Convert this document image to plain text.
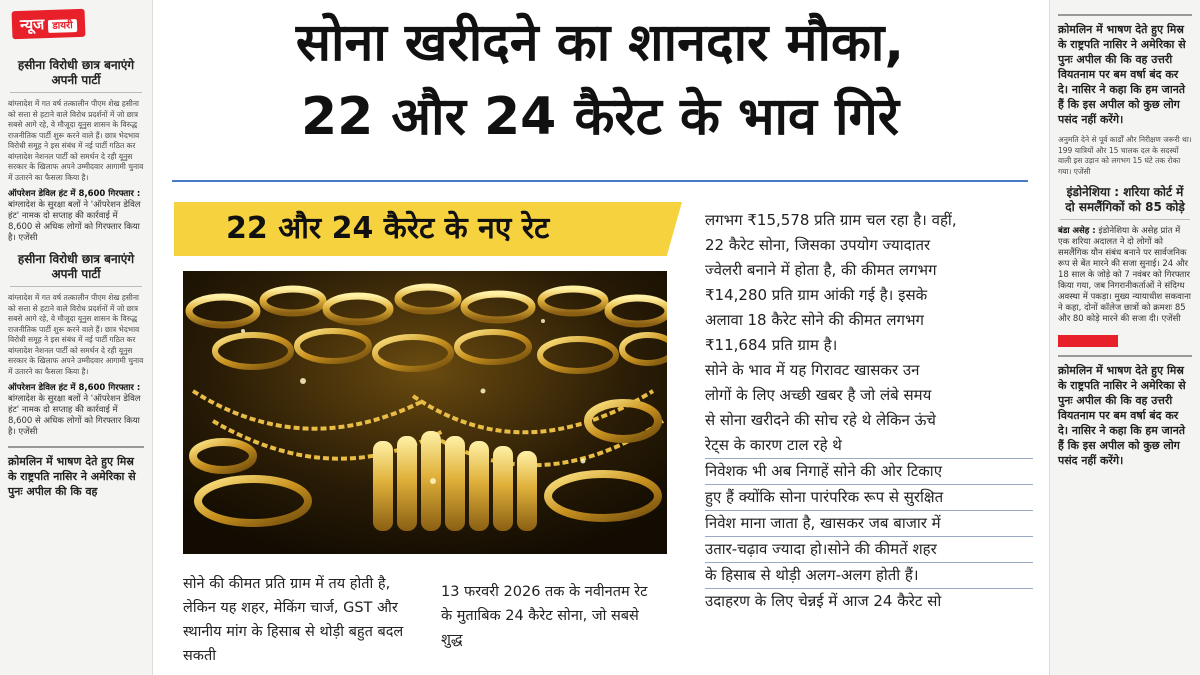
न्यूज डायरी
हसीना विरोधी छात्र बनाएंगे अपनी पार्टी

बांग्लादेश में गत वर्ष तत्कालीन पीएम शेख हसीना को सत्ता से हटाने वाले विरोध प्रदर्शनों में जो छात्र सबसे आगे रहे, वे मौजूदा यूनुस शासन के विरुद्ध राजनीतिक पार्टी शुरू करने वाले हैं। छात्र भेदभाव विरोधी समूह ने इस संबंध में नई पार्टी गठित कर बांग्लादेश नेशनल पार्टी को समर्थन दे रही यूनुस सरकार के खिलाफ अपने उम्मीदवार आगामी चुनाव में उतारने का फैसला किया है।

ऑपरेशन डेविल हंट में 8,600 गिरफ्तार : बांग्लादेश के सुरक्षा बलों ने 'ऑपरेशन डेविल हंट' नामक दो सप्ताह की कार्रवाई में 8,600 से अधिक लोगों को गिरफ्तार किया है। एजेंसी

हसीना विरोधी छात्र बनाएंगे अपनी पार्टी

बांग्लादेश में गत वर्ष तत्कालीन पीएम शेख हसीना को सत्ता से हटाने वाले विरोध प्रदर्शनों में जो छात्र सबसे आगे रहे, वे मौजूदा यूनुस शासन के विरुद्ध राजनीतिक पार्टी शुरू करने वाले हैं। छात्र भेदभाव विरोधी समूह ने इस संबंध में नई पार्टी गठित कर बांग्लादेश नेशनल पार्टी को समर्थन दे रही यूनुस सरकार के खिलाफ अपने उम्मीदवार आगामी चुनाव में उतारने का फैसला किया है।

ऑपरेशन डेविल हंट में 8,600 गिरफ्तार : बांग्लादेश के सुरक्षा बलों ने 'ऑपरेशन डेविल हंट' नामक दो सप्ताह की कार्रवाई में 8,600 से अधिक लोगों को गिरफ्तार किया है। एजेंसी

क्रोमलिन में भाषण देते हुए मिस्र के राष्ट्रपति नासिर ने अमेरिका से पुनः अपील की कि वह
क्रोमलिन में भाषण देते हुए मिस्र के राष्ट्रपति नासिर ने अमेरिका से पुनः अपील की कि वह उत्तरी वियतनाम पर बम वर्षा बंद कर दे। नासिर ने कहा कि हम जानते हैं कि इस अपील को कुछ लोग पसंद नहीं करेंगे।

अनुमति देने से पूर्व कार्डों और निरीक्षण जरूरी था। 199 यात्रियों और 15 चालक दल के सदस्यों वाली इस उड़ान को लगभग 15 घंटे तक रोका गया। एजेंसी

इंडोनेशिया : शरिया कोर्ट में दो समलैंगिकों को 85 कोड़े

बंडा असेह : इंडोनेशिया के असेह प्रांत में एक शरिया अदालत ने दो लोगों को समलैंगिक यौन संबंध बनाने पर सार्वजनिक रूप से बेंत मारने की सजा सुनाई। 24 और 18 साल के जोड़े को 7 नवंबर को गिरफ्तार किया गया, जब निगरानीकर्ताओं ने संदिग्ध अवस्था में पकड़ा। मुख्य न्यायाधीश सकवाना ने कहा, दोनों कॉलेज छात्रों को क्रमशः 85 और 80 कोड़े मारने की सजा दी। एजेंसी

क्रोमलिन में भाषण देते हुए मिस्र के राष्ट्रपति नासिर ने अमेरिका से पुनः अपील की कि वह उत्तरी वियतनाम पर बम वर्षा बंद कर दे। नासिर ने कहा कि हम जानते हैं कि इस अपील को कुछ लोग पसंद नहीं करेंगे।
सोना खरीदने का शानदार मौका,
22 और 24 कैरेट के भाव गिरे
22 और 24 कैरेट के नए रेट

सोने की कीमत प्रति ग्राम में तय होती है, लेकिन यह शहर, मेकिंग चार्ज, GST और स्थानीय मांग के हिसाब से थोड़ी बहुत बदल सकती

13 फरवरी 2026 तक के नवीनतम रेट के मुताबिक 24 कैरेट सोना, जो सबसे शुद्ध

लगभग ₹15,578 प्रति ग्राम चल रहा है। वहीं,
22 कैरेट सोना, जिसका उपयोग ज्यादातर
ज्वेलरी बनाने में होता है, की कीमत लगभग
₹14,280 प्रति ग्राम आंकी गई है। इसके
अलावा 18 कैरेट सोने की कीमत लगभग
₹11,684 प्रति ग्राम है।
सोने के भाव में यह गिरावट खासकर उन
लोगों के लिए अच्छी खबर है जो लंबे समय
से सोना खरीदने की सोच रहे थे लेकिन ऊंचे
रेट्स के कारण टाल रहे थे
निवेशक भी अब निगाहें सोने की ओर टिकाए
हुए हैं क्योंकि सोना पारंपरिक रूप से सुरक्षित
निवेश माना जाता है, खासकर जब बाजार में
उतार-चढ़ाव ज्यादा हो।सोने की कीमतें शहर
के हिसाब से थोड़ी अलग-अलग होती हैं।
उदाहरण के लिए चेन्नई में आज 24 कैरेट सो
